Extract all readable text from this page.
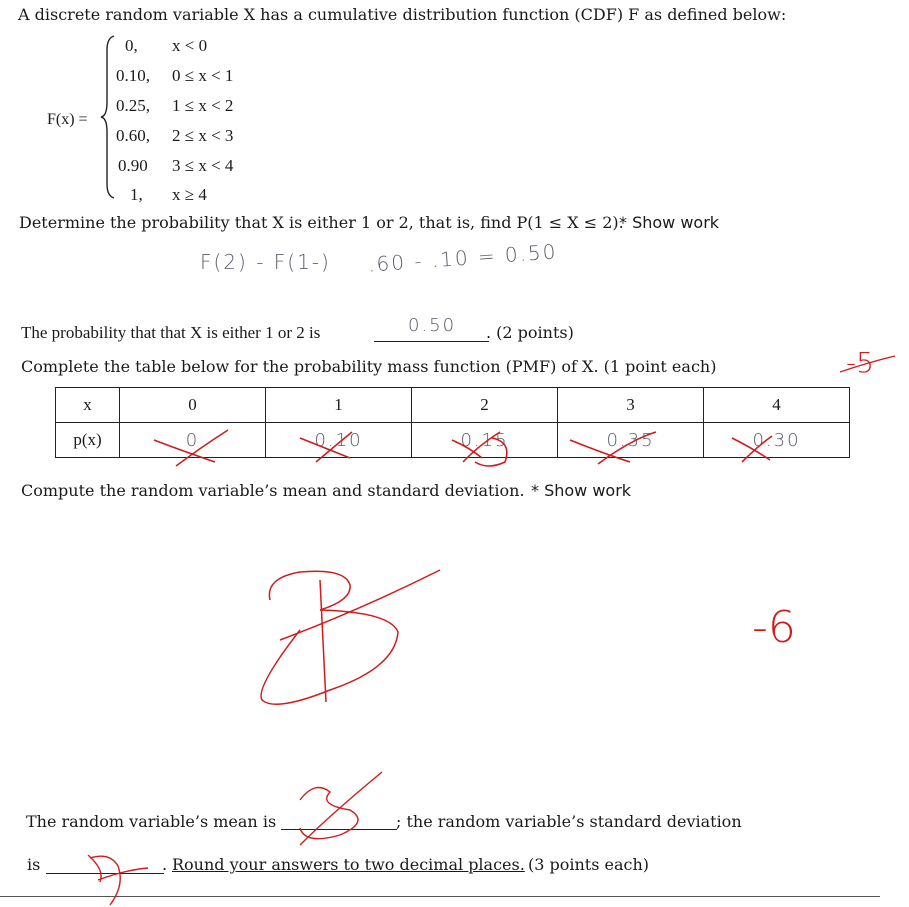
A discrete random variable X has a cumulative distribution function (CDF) F as defined below:
F(x) =
0, x < 0
0.10, 0 ≤ x < 1
0.25, 1 ≤ x < 2
0.60, 2 ≤ x < 3
0.90 3 ≤ x < 4
1, x ≥ 4
Determine the probability that X is either 1 or 2, that is, find P(1 ≤ X ≤ 2).
* Show work
F(2) - F(1-) .60 - .10 = 0.50
The probability that that X is either 1 or 2 is	0.50 . (2 points)
Complete the table below for the probability mass function (PMF) of X. (1 point each)
x	0	1	2	3	4
p(x)	0	0.10	0.15	0.35	0.30
-5
Compute the random variable’s mean and standard deviation. * Show work
-6
The random variable’s mean is	; the random variable’s standard deviation
is	. Round your answers to two decimal places. (3 points each)
